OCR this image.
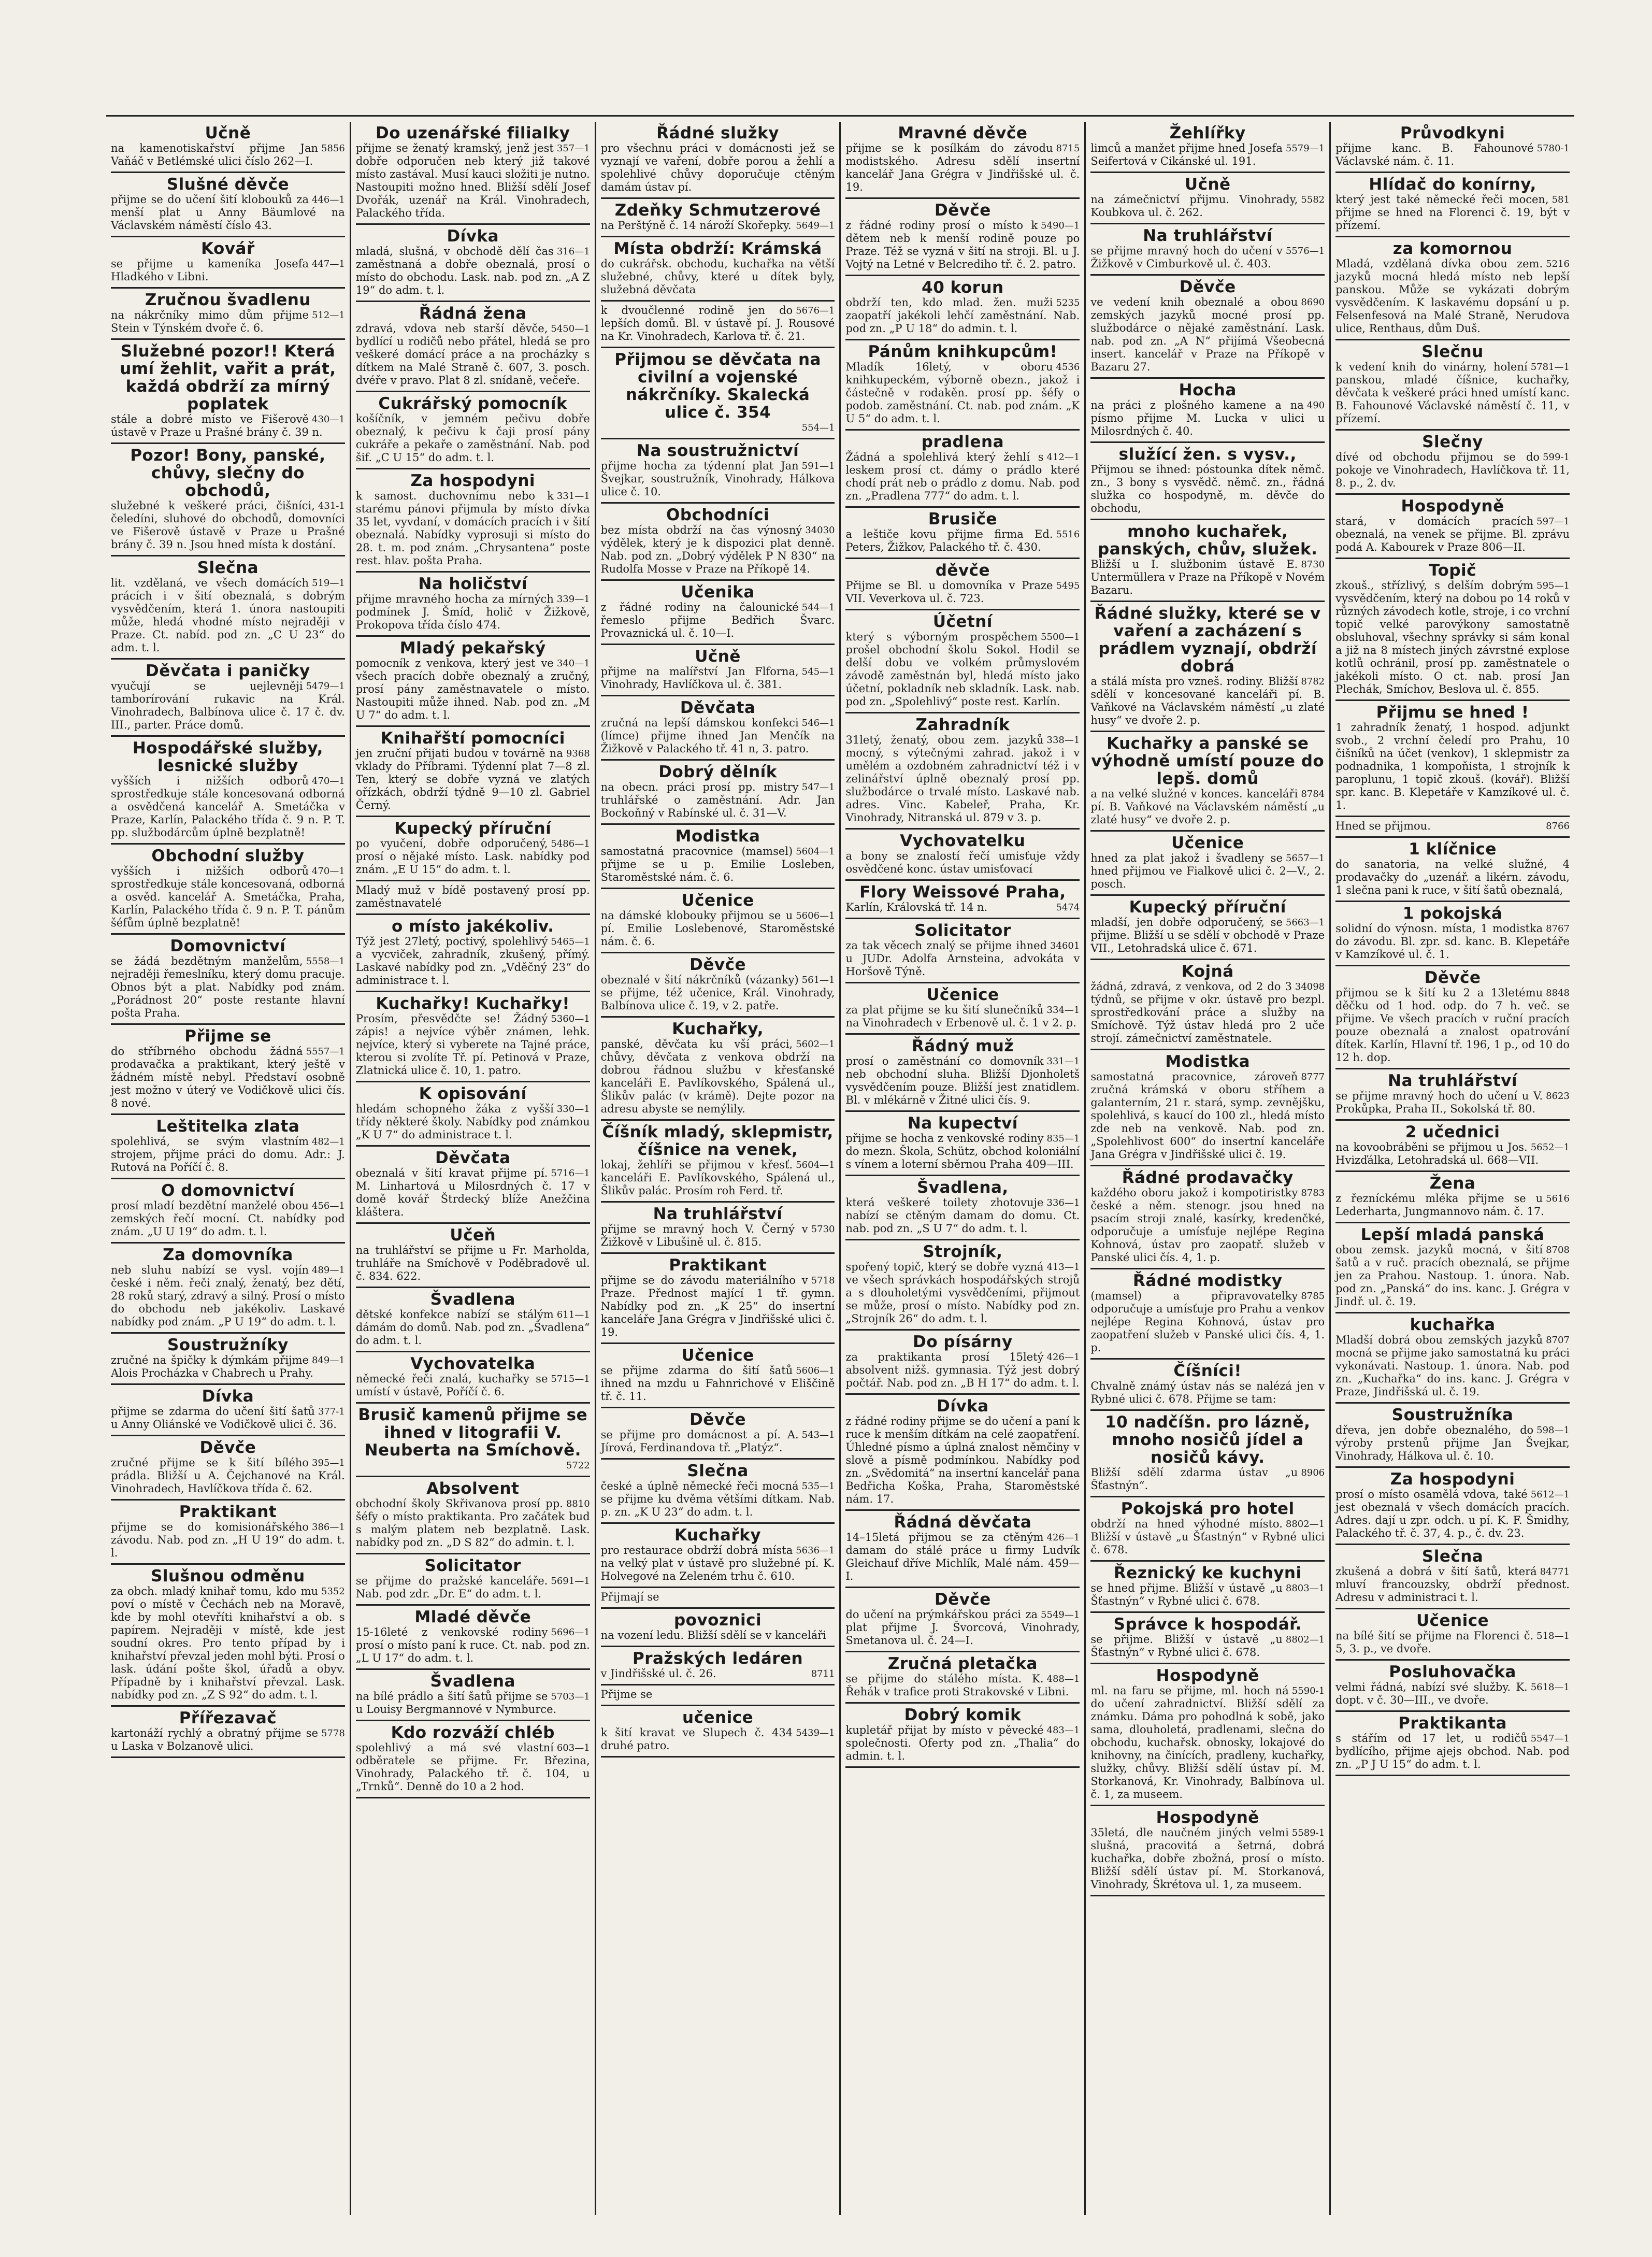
Učně
5856
na kamenotiskařství přijme Jan Vaňáč v Betlémské ulici číslo 262—I.
Slušné děvče
446—1
přijme se do učení šití klobouků za menší plat u Anny Bäumlové na Václavském náměstí číslo 43.
Kovář
447—1
se přijme u kameníka Josefa Hladkého v Libni.
Zručnou švadlenu
512—1
na nákrčníky mimo dům přijme Stein v Týnském dvoře č. 6.
Služebné pozor!! Která umí žehlit, vařit a prát, každá obdrží za mírný poplatek
430—1
stále a dobré místo ve Fišerově ústavě v Praze u Prašné brány č. 39 n.
Pozor! Bony, panské, chůvy, slečny do obchodů,
431-1
služebné k veškeré práci, čišníci, čeledíni, sluhové do obchodů, domovníci ve Fišerově ústavě v Praze u Prašné brány č. 39 n. Jsou hned místa k dostání.
Slečna
519—1
lit. vzdělaná, ve všech domácích prácích i v šití obeznalá, s dobrým vysvědčením, která 1. února nastoupiti může, hledá vhodné místo nejraději v Praze. Ct. nabíd. pod zn. „C U 23“ do adm. t. l.
Děvčata i paničky
5479—1
vyučují se uejlevněji tamborírování rukavic na Král. Vinohradech, Balbínova ulice č. 17 č. dv. III., parter. Práce domů.
Hospodářské služby, lesnické služby
470—1
vyšších i nižších odborů sprostředkuje stále koncesovaná odborná a osvědčená kancelář A. Smetáčka v Praze, Karlín, Palackého třída č. 9 n. P. T. pp. službodárcům úplně bezplatně!
Obchodní služby
470—1
vyšších i nižších odborů sprostředkuje stále koncesovaná, odborná a osvěd. kancelář A. Smetáčka, Praha, Karlín, Palackého třída č. 9 n. P. T. pánům šéfům úplně bezplatně!
Domovnictví
5558—1
se žádá bezdětným manželům, nejraději řemeslníku, který domu pracuje. Obnos být a plat. Nabídky pod znám. „Porádnost 20“ poste restante hlavní pošta Praha.
Přijme se
5557—1
do stříbrného obchodu žádná prodavačka a praktikant, který ještě v žádném místě nebyl. Představí osobně jest možno v úterý ve Vodičkově ulici čís. 8 nové.
Leštitelka zlata
482—1
spolehlivá, se svým vlastním strojem, přijme práci do domu. Adr.: J. Rutová na Poříčí č. 8.
O domovnictví
456—1
prosí mladí bezdětní manželé obou zemských řečí mocní. Ct. nabídky pod znám. „U U 19“ do adm. t. l.
Za domovníka
489—1
neb sluhu nabízí se vysl. vojín české i něm. řeči znalý, ženatý, bez dětí, 28 roků starý, zdravý a silný. Prosí o místo do obchodu neb jakékoliv. Laskavé nabídky pod znám. „P U 19“ do adm. t. l.
Soustružníky
849—1
zručné na špičky k dýmkám přijme Alois Procházka v Chabrech u Prahy.
Dívka
377-1
přijme se zdarma do učení šití šatů u Anny Oliánské ve Vodičkově ulici č. 36.
Děvče
395—1
zručné přijme se k šití bílého prádla. Bližší u A. Čejchanové na Král. Vinohradech, Havlíčkova třída č. 62.
Praktikant
386—1
přijme se do komisionářského závodu. Nab. pod zn. „H U 19“ do adm. t. l.
Slušnou odměnu
5352
za obch. mladý knihař tomu, kdo mu poví o místě v Čechách neb na Moravě, kde by mohl otevříti knihařství a ob. s papírem. Nejraději v místě, kde jest soudní okres. Pro tento případ by i knihařství převzal jeden mohl býti. Prosí o lask. údání pošte škol, úřadů a obyv. Případně by i knihařství převzal. Lask. nabídky pod zn. „Z S 92“ do adm. t. l.
Přířezavač
5778
kartonáží rychlý a obratný přijme se u Laska v Bolzanově ulici.
Do uzenářské filialky
357—1
přijme se ženatý kramský, jenž jest dobře odporučen neb který již takové místo zastával. Musí kauci složiti je nutno. Nastoupiti možno hned. Bližší sdělí Josef Dvořák, uzenář na Král. Vinohradech, Palackého třída.
Dívka
316—1
mladá, slušná, v obchodě dělí čas zaměstnaná a dobře obeznalá, prosí o místo do obchodu. Lask. nab. pod zn. „A Z 19“ do adm. t. l.
Řádná žena
5450—1
zdravá, vdova neb starší děvče, bydlící u rodičů nebo přátel, hledá se pro veškeré domácí práce a na procházky s dítkem na Malé Straně č. 607, 3. posch. dvéře v pravo. Plat 8 zl. snídaně, večeře.
Cukrářský pomocník
košíčník, v jemném pečivu dobře obeznalý, k pečivu k čaji prosí pány cukráře a pekaře o zaměstnání. Nab. pod šif. „C U 15“ do adm. t. l.
Za hospodyni
331—1
k samost. duchovnímu nebo k starému pánovi přijmula by místo dívka 35 let, vyvdaní, v domácích pracích i v šití obeznalá. Nabídky vyprosuji si místo do 28. t. m. pod znám. „Chrysantena“ poste rest. hlav. pošta Praha.
Na holičství
339—1
přijme mravného hocha za mírných podmínek J. Šmíd, holič v Žižkově, Prokopova třída číslo 474.
Mladý pekařský
340—1
pomocník z venkova, který jest ve všech pracích dobře obeznalý a zručný, prosí pány zaměstnavatele o místo. Nastoupiti může ihned. Nab. pod zn. „M U 7“ do adm. t. l.
Knihařští pomocníci
9368
jen zruční přijati budou v továrně na vklady do Příbrami. Týdenní plat 7—8 zl. Ten, který se dobře vyzná ve zlatých ořízkách, obdrží týdně 9—10 zl. Gabriel Černý.
Kupecký příruční
5486—1
po vyučení, dobře odporučený, prosí o nějaké místo. Lask. nabídky pod znám. „E U 15“ do adm. t. l.
Mladý muž v bídě postavený prosí pp. zaměstnavatelé
o místo jakékoliv.
5465—1
Týž jest 27letý, poctivý, spolehlivý a vycviček, zahradník, zkušený, přímý. Laskavé nabídky pod zn. „Vděčný 23“ do administrace t. l.
Kuchařky! Kuchařky!
5360—1
Prosím, přesvědčte se! Žádný zápis! a nejvíce výběr známen, lehk. nejvíce, který si vyberete na Tajné práce, kterou si zvolíte Tř. pí. Petinová v Praze, Zlatnická ulice č. 10, 1. patro.
K opisování
330—1
hledám schopného žáka z vyšší třídy některé školy. Nabídky pod známkou „K U 7“ do administrace t. l.
Děvčata
5716—1
obeznalá v šití kravat přijme pí. M. Linhartová u Milosrdných č. 17 v domě kovář Štrdecký blíže Anežčina kláštera.
Učeň
na truhlářství se přijme u Fr. Marholda, truhláře na Smíchově v Poděbradově ul. č. 834. 622.
Švadlena
611—1
dětské konfekce nabízí se stálým dámám do domů. Nab. pod zn. „Švadlena“ do adm. t. l.
Vychovatelka
5715—1
německé řeči znalá, kuchařky se umístí v ústavě, Poříčí č. 6.
Brusič kamenů přijme se ihned v litografii V. Neuberta na Smíchově.
5722
Absolvent
8810
obchodní školy Skřivanova prosí pp. šéfy o místo praktikanta. Pro začátek bud s malým platem neb bezplatně. Lask. nabídky pod zn. „D S 82“ do admin. t. l.
Solicitator
5691—1
se přijme do pražské kanceláře. Nab. pod zdr. „Dr. E“ do adm. t. l.
Mladé děvče
5696—1
15-16leté z venkovské rodiny prosí o místo paní k ruce. Ct. nab. pod zn. „L U 17“ do adm. t. l.
Švadlena
5703—1
na bílé prádlo a šití šatů přijme se u Louisy Bergmannové v Nymburce.
Kdo rozváží chléb
603—1
spolehlivý a má své vlastní odběratele se přijme. Fr. Březina, Vinohrady, Palackého tř. č. 104, u „Trnků“. Denně do 10 a 2 hod.
Řádné služky
pro všechnu práci v domácnosti jež se vyznají ve vaření, dobře porou a žehlí a spolehlivé chůvy doporučuje ctěným damám ústav pí.
Zdeňky Schmutzerové
5649—1
na Perštýně č. 14 nároží Skořepky.
Místa obdrží: Krámská
do cukrářsk. obchodu, kuchařka na větší služebné, chůvy, které u dítek byly, služebná děvčata
5676—1
k dvoučlenné rodině jen do lepších domů. Bl. v ústavě pí. J. Rousové na Kr. Vinohradech, Karlova tř. č. 21.
Přijmou se děvčata na civilní a vojenské nákrčníky. Skalecká ulice č. 354
554—1
Na soustružnictví
591—1
přijme hocha za týdenní plat Jan Švejkar, soustružník, Vinohrady, Hálkova ulice č. 10.
Obchodníci
34030
bez místa obdrží na čas výnosný výdělek, který je k dispozici plat denně. Nab. pod zn. „Dobrý výdělek P N 830“ na Rudolfa Mosse v Praze na Příkopě 14.
Učenika
544—1
z řádné rodiny na čalounické řemeslo přijme Bedřich Švarc. Provaznická ul. č. 10—I.
Učně
545—1
přijme na malířství Jan Flforna, Vinohrady, Havlíčkova ul. č. 381.
Děvčata
546—1
zručná na lepší dámskou konfekci (límce) přijme ihned Jan Menčík na Žižkově v Palackého tř. 41 n, 3. patro.
Dobrý dělník
547—1
na obecn. práci prosí pp. mistry truhlářské o zaměstnání. Adr. Jan Bockoňný v Rabínské ul. č. 31—V.
Modistka
5604—1
samostatná pracovnice (mamsel) přijme se u p. Emilie Losleben, Staroměstské nám. č. 6.
Učenice
5606—1
na dámské klobouky přijmou se u pí. Emilie Loslebenové, Staroměstské nám. č. 6.
Děvče
561—1
obeznalé v šití nákrčníků (vázanky) se přijme, též učenice, Král. Vinohrady, Balbínova ulice č. 19, v 2. patře.
Kuchařky,
5602—1
panské, děvčata ku vší práci, chůvy, děvčata z venkova obdrží na dobrou řádnou službu v křesťanské kanceláři E. Pavlíkovského, Spálená ul., Šlikův palác (v krámě). Dejte pozor na adresu abyste se nemýlily.
Číšník mladý, sklepmistr, číšnice na venek,
5604—1
lokaj, žehlíři se přijmou v křesť. kanceláři E. Pavlíkovského, Spálená ul., Šlikův palác. Prosím roh Ferd. tř.
Na truhlářství
5730
přijme se mravný hoch V. Černý v Žižkově v Libušině ul. č. 815.
Praktikant
5718
přijme se do závodu materiálního v Praze. Přednost mající 1 tř. gymn. Nabídky pod zn. „K 25“ do insertní kanceláře Jana Grégra v Jindřišské ulici č. 19.
Učenice
5606—1
se přijme zdarma do šití šatů ihned na mzdu u Fahnrichové v Eliščině tř. č. 11.
Děvče
543—1
se přijme pro domácnost a pí. A. Jírová, Ferdinandova tř. „Platýz“.
Slečna
535—1
české a úplně německé řeči mocná se přijme ku dvěma většími dítkam. Nab. p. zn. „K U 23“ do adm. t. l.
Kuchařky
5636—1
pro restaurace obdrží dobrá místa na velký plat v ústavě pro služebné pí. K. Holvegové na Zeleném trhu č. 610.
Přijmají se
povoznici
na vození ledu. Bližší sdělí se v kanceláři
Pražských ledáren
8711
v Jindřišské ul. č. 26.
Přijme se
učenice
5439—1
k šití kravat ve Slupech č. 434 druhé patro.
Mravné děvče
8715
přijme se k posílkám do závodu modistského. Adresu sdělí insertní kancelář Jana Grégra v Jindřišské ul. č. 19.
Děvče
5490—1
z řádné rodiny prosí o místo k dětem neb k menší rodině pouze po Praze. Též se vyzná v šití na stroji. Bl. u J. Vojtý na Letné v Belcrediho tř. č. 2. patro.
40 korun
5235
obdrží ten, kdo mlad. žen. muži zaopatří jakékoli lehčí zaměstnání. Nab. pod zn. „P U 18“ do admin. t. l.
Pánům knihkupcům!
4536
Mladík 16letý, v oboru knihkupeckém, výborně obezn., jakož i částečně v rodakěn. prosí pp. šéfy o podob. zaměstnání. Ct. nab. pod znám. „K U 5“ do adm. t. l.
pradlena
412—1
Žádná a spolehlivá který žehlí s leskem prosí ct. dámy o prádlo které chodí prát neb o prádlo z domu. Nab. pod zn. „Pradlena 777“ do adm. t. l.
Brusiče
5516
a leštiče kovu přijme firma Ed. Peters, Žižkov, Palackého tř. č. 430.
děvče
5495
Přijme se Bl. u domovníka v Praze VII. Veverkova ul. č. 723.
Účetní
5500—1
který s výborným prospěchem prošel obchodní školu Sokol. Hodil se delší dobu ve volkém průmyslovém závodě zaměstnán byl, hledá místo jako účetní, pokladník neb skladník. Lask. nab. pod zn. „Spolehlivý“ poste rest. Karlín.
Zahradník
338—1
31letý, ženatý, obou zem. jazyků mocný, s výtečnými zahrad. jakož i v umělém a ozdobném zahradnictví též i v zelinářství úplně obeznalý prosí pp. službodárce o trvalé místo. Laskavé nab. adres. Vinc. Kabeleř, Praha, Kr. Vinohrady, Nitranská ul. 879 v 3. p.
Vychovatelku
a bony se znalostí řečí umisťuje vždy osvědčené konc. ústav umisťovací
Flory Weissové Praha,
5474
Karlín, Královská tř. 14 n.
Solicitator
34601
za tak věcech znalý se přijme ihned u JUDr. Adolfa Arnsteina, advokáta v Horšově Týně.
Učenice
334—1
za plat přijme se ku šití slunečníků na Vinohradech v Erbenově ul. č. 1 v 2. p.
Řádný muž
331—1
prosí o zaměstnání co domovník neb obchodní sluha. Bližší Djonholetš vysvědčením pouze. Bližší jest znatidlem. Bl. v mlékárně v Žitné ulici čís. 9.
Na kupectví
835—1
přijme se hocha z venkovské rodiny do mezn. Škola, Schütz, obchod koloniální s vínem a loterní sběrnou Praha 409—III.
Švadlena,
336—1
která veškeré toilety zhotovuje nabízí se ctěným damam do domu. Ct. nab. pod zn. „S U 7“ do adm. t. l.
Strojník,
413—1
spořený topič, který se dobře vyzná ve všech správkách hospodářských strojů a s dlouholetými vysvědčeními, přijmout se může, prosí o místo. Nabídky pod zn. „Strojník 26“ do adm. t. l.
Do písárny
426—1
za praktikanta prosí 15letý absolvent nižš. gymnasia. Týž jest dobrý počtář. Nab. pod zn. „B H 17“ do adm. t. l.
Dívka
z řádné rodiny přijme se do učení a paní k ruce k menším dítkám na celé zaopatření. Úhledné písmo a úplná znalost němčiny v slově a písmě podmínkou. Nabídky pod zn. „Svědomitá“ na insertní kancelář pana Bedřicha Koška, Praha, Staroměstské nám. 17.
Řádná děvčata
426—1
14–15letá přijmou se za ctěným damam do stálé práce u firmy Ludvík Gleichauf dříve Michlík, Malé nám. 459—I.
Děvče
5549—1
do učení na prýmkářskou práci za plat přijme J. Švorcová, Vinohrady, Smetanova ul. č. 24—I.
Zručná pletačka
488—1
se přijme do stálého místa. K. Řehák v trafice proti Strakovské v Libni.
Dobrý komik
483—1
kupletář přijat by místo v pěvecké společnosti. Oferty pod zn. „Thalia“ do admin. t. l.
Žehlířky
5579—1
limců a manžet přijme hned Josefa Seifertová v Cikánské ul. 191.
Učně
5582
na zámečnictví přijmu. Vinohrady, Koubkova ul. č. 262.
Na truhlářství
5576—1
se přijme mravný hoch do učení v Žižkově v Cimburkově ul. č. 403.
Děvče
8690
ve vedení knih obeznalé a obou zemských jazyků mocné prosí pp. službodárce o nějaké zaměstnání. Lask. nab. pod zn. „A N“ přijímá Všeobecná insert. kancelář v Praze na Příkopě v Bazaru 27.
Hocha
490
na práci z plošného kamene a na písmo přijme M. Lucka v ulici u Milosrdných č. 40.
služící žen. s vysv.,
Přijmou se ihned: póstounka dítek němč. zn., 3 bony s vysvědč. němč. zn., řádná služka co hospodyně, m. děvče do obchodu,
mnoho kuchařek, panských, chův, služek.
8730
Bližší u I. službonim ústavě E. Untermüllera v Praze na Příkopě v Novém Bazaru.
Řádné služky, které se v vaření a zacházení s prádlem vyznají, obdrží dobrá
8782
a stálá místa pro vzneš. rodiny. Bližší sdělí v koncesované kanceláři pí. B. Vaňkové na Václavském náměstí „u zlaté husy“ ve dvoře 2. p.
Kuchařky a panské se výhodně umístí pouze do lepš. domů
8784
a na velké služné v konces. kanceláři pí. B. Vaňkové na Václavském náměstí „u zlaté husy“ ve dvoře 2. p.
Učenice
5657—1
hned za plat jakož i švadleny se hned přijmou ve Fialkově ulici č. 2—V., 2. posch.
Kupecký příruční
5663—1
mladší, jen dobře odporučený, se přijme. Bližší u se sdělí v obchodě v Praze VII., Letohradská ulice č. 671.
Kojná
34098
žádná, zdravá, z venkova, od 2 do 3 týdnů, se přijme v okr. ústavě pro bezpl. sprostředkování práce a služby na Smíchově. Týž ústav hledá pro 2 uče strojí. zámečnictví zaměstnatele.
Modistka
8777
samostatná pracovnice, zároveň zručná krámská v oboru stříhem a galanterním, 21 r. stará, symp. zevnějšku, spolehlivá, s kaucí do 100 zl., hledá místo zde neb na venkově. Nab. pod zn. „Spolehlivost 600“ do insertní kanceláře Jana Grégra v Jindřišské ulici č. 19.
Řádné prodavačky
8783
každého oboru jakož i kompotiristky české a něm. stenogr. jsou hned na psacím stroji znalé, kasírky, kredenčké, odporučuje a umísťuje nejlépe Regina Kohnová, ústav pro zaopatř. služeb v Panské ulici čís. 4, 1. p.
Řádné modistky
8785
(mamsel) a připravovatelky odporučuje a umísťuje pro Prahu a venkov nejlépe Regina Kohnová, ústav pro zaopatření služeb v Panské ulici čís. 4, 1. p.
Číšníci!
Chvalně známý ústav nás se nalézá jen v Rybné ulici č. 678. Přijme se tam:
10 nadčíšn. pro lázně, mnoho nosičů jídel a nosičů kávy.
8906
Bližší sdělí zdarma ústav „u Šťastnýn“.
Pokojská pro hotel
8802—1
obdrží na hned výhodné místo. Bližší v ústavě „u Šťastnýn“ v Rybné ulici č. 678.
Řeznický ke kuchyni
8803—1
se hned přijme. Bližší v ústavě „u Šťastnýn“ v Rybné ulici č. 678.
Správce k hospodář.
8802—1
se přijme. Bližší v ústavě „u Šťastnýn“ v Rybné ulici č. 678.
Hospodyně
5590-1
ml. na faru se přijme, ml. hoch ná do učení zahradnictví. Bližší sdělí za známku. Dáma pro pohodlná k sobě, jako sama, dlouholetá, pradlenami, slečna do obchodu, kuchařsk. obnosky, lokajové do knihovny, na činících, pradleny, kuchařky, služky, chůvy. Bližší sdělí ústav pí. M. Storkanová, Kr. Vinohrady, Balbínova ul. č. 1, za museem.
Hospodyně
5589-1
35letá, dle naučném jiných velmi slušná, pracovitá a šetrná, dobrá kuchařka, dobře zbožná, prosí o místo. Bližší sdělí ústav pí. M. Storkanová, Vinohrady, Škrétova ul. 1, za museem.
Průvodkyni
5780-1
přijme kanc. B. Fahounové Václavské nám. č. 11.
Hlídač do konírny,
581
který jest také německé řeči mocen, přijme se hned na Florenci č. 19, být v přízemí.
za komornou
5216
Mladá, vzdělaná dívka obou zem. jazyků mocná hledá místo neb lepší panskou. Může se vykázati dobrým vysvědčením. K laskavému dopsání u p. Felsenfesová na Malé Straně, Nerudova ulice, Renthaus, dům Duš.
Slečnu
5781—1
k vedení knih do vinárny, holení panskou, mladé číšnice, kuchařky, děvčata k veškeré práci hned umístí kanc. B. Fahounové Václavské náměstí č. 11, v přízemí.
Slečny
599-1
dívé od obchodu přijmou se do pokoje ve Vinohradech, Havlíčkova tř. 11, 8. p., 2. dv.
Hospodyně
597—1
stará, v domácích pracích obeznalá, na venek se přijme. Bl. zprávu podá A. Kabourek v Praze 806—II.
Topič
595—1
zkouš., střízlivý, s delším dobrým vysvědčením, který na dobou po 14 roků v různých závodech kotle, stroje, i co vrchní topič velké parovýkony samostatně obsluhoval, všechny správky si sám konal a již na 8 místech jiných závrstné explose kotlů ochránil, prosí pp. zaměstnatele o jakékoli místo. O ct. nab. prosí Jan Plechák, Smíchov, Beslova ul. č. 855.
Přijmu se hned !
1 zahradník ženatý, 1 hospod. adjunkt svob., 2 vrchní čeledí pro Prahu, 10 čišníků na účet (venkov), 1 sklepmistr za podnadnika, 1 kompoňista, 1 strojník k paroplunu, 1 topič zkouš. (kovář). Bližší spr. kanc. B. Klepetáře v Kamzíkové ul. č. 1.
8766
Hned se přijmou.
1 klíčnice
do sanatoria, na velké služné, 4 prodavačky do „uzenář. a likérn. závodu, 1 slečna pani k ruce, v šití šatů obeznalá,
1 pokojská
8767
solidní do výnosn. místa, 1 modistka do závodu. Bl. zpr. sd. kanc. B. Klepetáře v Kamzíkové ul. č. 1.
Děvče
8848
přijmou se k šití ku 2 a 13letému děčku od 1 hod. odp. do 7 h. več. se přijme. Ve všech pracích v ruční pracích pouze obeznalá a znalost opatrování dítek. Karlín, Hlavní tř. 196, 1 p., od 10 do 12 h. dop.
Na truhlářství
8623
se přijme mravný hoch do učení u V. Prokůpka, Praha II., Sokolská tř. 80.
2 učednici
5652—1
na kovoobráběni se přijmou u Jos. Hvizďálka, Letohradská ul. 668—VII.
Žena
5616
z řezníckému mléka přijme se u Lederharta, Jungmannovo nám. č. 17.
Lepší mladá panská
8708
obou zemsk. jazyků mocná, v šití šatů a v ruč. pracích obeznalá, se přijme jen za Prahou. Nastoup. 1. února. Nab. pod zn. „Panská“ do ins. kanc. J. Grégra v Jindř. ul. č. 19.
kuchařka
8707
Mladší dobrá obou zemských jazyků mocná se přijme jako samostatná ku práci vykonávati. Nastoup. 1. února. Nab. pod zn. „Kuchařka“ do ins. kanc. J. Grégra v Praze, Jindřišská ul. č. 19.
Soustružníka
598—1
dřeva, jen dobře obeznalého, do výroby prstenů přijme Jan Švejkar, Vinohrady, Hálkova ul. č. 10.
Za hospodyni
5612—1
prosí o místo osamělá vdova, také jest obeznalá v všech domácích pracích. Adres. dají u zpr. odch. u pí. K. F. Šmidhy, Palackého tř. č. 37, 4. p., č. dv. 23.
Slečna
84771
zkušená a dobrá v šití šatů, která mluví francouzsky, obdrží přednost. Adresu v administraci t. l.
Učenice
518—1
na bílé šití se přijme na Florenci č. 5, 3. p., ve dvoře.
Posluhovačka
5618—1
velmi řádná, nabízí své služby. K. dopt. v č. 30—III., ve dvoře.
Praktikanta
5547—1
s stářím od 17 let, u rodičů bydlícího, přijme ajejs obchod. Nab. pod zn. „P J U 15“ do adm. t. l.
